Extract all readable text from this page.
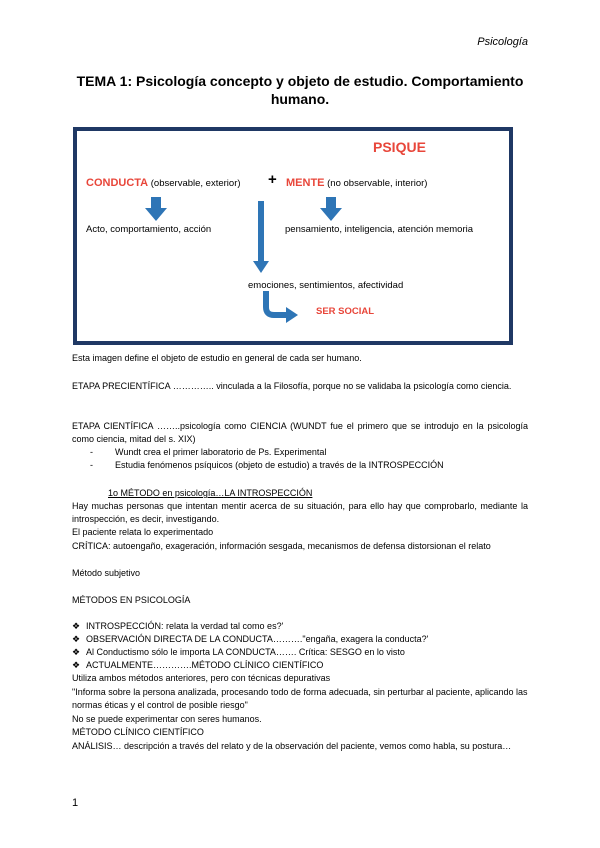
Psicología
TEMA 1: Psicología concepto y objeto de estudio. Comportamiento humano.
PSIQUE
CONDUCTA (observable, exterior) + MENTE (no observable, interior)
Acto, comportamiento, acción	pensamiento, inteligencia, atención memoria
emociones, sentimientos, afectividad
SER SOCIAL
Esta imagen define el objeto de estudio en general de cada ser humano.
ETAPA PRECIENTÍFICA ………….. vinculada a la Filosofía, porque no se validaba la psicología como ciencia.
ETAPA CIENTÍFICA ……..psicología como CIENCIA (WUNDT fue el primero que se introdujo en la psicología como ciencia, mitad del s. XIX)
- Wundt crea el primer laboratorio de Ps. Experimental
- Estudia fenómenos psíquicos (objeto de estudio) a través de la INTROSPECCIÓN
1o MÉTODO en psicología…LA INTROSPECCIÓN
Hay muchas personas que intentan mentir acerca de su situación, para ello hay que comprobarlo, mediante la introspección, es decir, investigando.
El paciente relata lo experimentado
CRÍTICA: autoengaño, exageración, información sesgada, mecanismos de defensa distorsionan el relato
Método subjetivo
MÉTODOS EN PSICOLOGÍA
❖ INTROSPECCIÓN: relata la verdad tal como es?'
❖ OBSERVACIÓN DIRECTA DE LA CONDUCTA………."engaña, exagera la conducta?'
❖ Al Conductismo sólo le importa LA CONDUCTA……. Crítica: SESGO en lo visto
❖ ACTUALMENTE………….MÉTODO CLÍNICO CIENTÍFICO
Utiliza ambos métodos anteriores, pero con técnicas depurativas
"Informa sobre la persona analizada, procesando todo de forma adecuada, sin perturbar al paciente, aplicando las normas éticas y el control de posible riesgo"
No se puede experimentar con seres humanos.
MÉTODO CLÍNICO CIENTÍFICO
ANÁLISIS… descripción a través del relato y de la observación del paciente, vemos como habla, su postura…
1
